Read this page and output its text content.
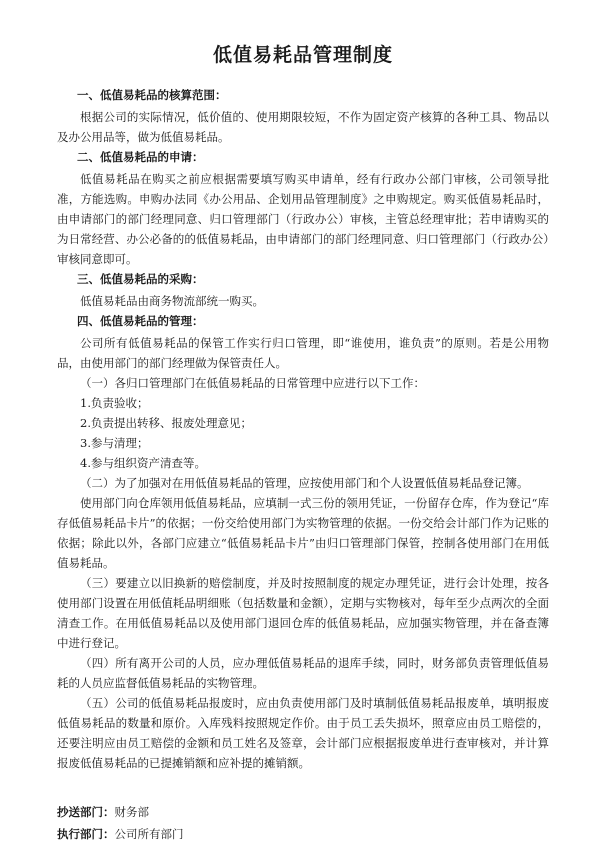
低值易耗品管理制度
一、低值易耗品的核算范围：

根据公司的实际情况，低价值的、使用期限较短，不作为固定资产核算的各种工具、物品以及办公用品等，做为低值易耗品。

二、低值易耗品的申请：

低值易耗品在购买之前应根据需要填写购买申请单，经有行政办公部门审核，公司领导批准，方能选购。申购办法同《办公用品、企划用品管理制度》之申购规定。购买低值易耗品时，由申请部门的部门经理同意、归口管理部门（行政办公）审核，主管总经理审批；若申请购买的为日常经营、办公必备的的低值易耗品，由申请部门的部门经理同意、归口管理部门（行政办公）审核同意即可。

三、低值易耗品的采购：

低值易耗品由商务物流部统一购买。

四、低值易耗品的管理：

公司所有低值易耗品的保管工作实行归口管理，即“谁使用，谁负责”的原则。若是公用物品，由使用部门的部门经理做为保管责任人。

（一）各归口管理部门在低值易耗品的日常管理中应进行以下工作：

1.负责验收；

2.负责提出转移、报废处理意见；

3.参与清理；

4.参与组织资产清查等。

（二）为了加强对在用低值易耗品的管理，应按使用部门和个人设置低值易耗品登记簿。

使用部门向仓库领用低值易耗品，应填制一式三份的领用凭证，一份留存仓库，作为登记“库存低值易耗品卡片”的依据；一份交给使用部门为实物管理的依据。一份交给会计部门作为记账的依据；除此以外，各部门应建立“低值易耗品卡片”由归口管理部门保管，控制各使用部门在用低值易耗品。

（三）要建立以旧换新的赔偿制度，并及时按照制度的规定办理凭证，进行会计处理，按各使用部门设置在用低值耗品明细账（包括数量和金额），定期与实物核对，每年至少点两次的全面清查工作。在用低值易耗品以及使用部门退回仓库的低值易耗品，应加强实物管理，并在备查簿中进行登记。

（四）所有离开公司的人员，应办理低值易耗品的退库手续，同时，财务部负责管理低值易耗的人员应监督低值易耗品的实物管理。

（五）公司的低值易耗品报废时，应由负责使用部门及时填制低值易耗品报废单，填明报废低值易耗品的数量和原价。入库残料按照规定作价。由于员工丢失损坏，照章应由员工赔偿的，还要注明应由员工赔偿的金额和员工姓名及签章，会计部门应根据报废单进行查审核对，并计算报废低值易耗品的已提摊销额和应补提的摊销额。

抄送部门：财务部
执行部门：公司所有部门
